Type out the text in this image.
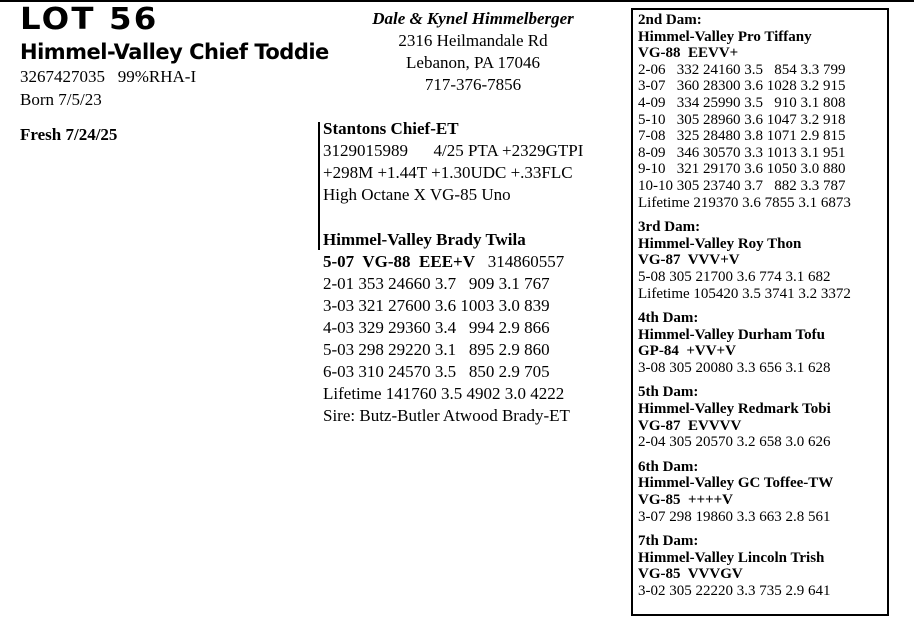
LOT 56
Himmel-Valley Chief Toddie
3267427035   99%RHA-I
Born 7/5/23
Fresh 7/24/25
Dale & Kynel Himmelberger
2316 Heilmandale Rd
Lebanon, PA 17046
717-376-7856
Stantons Chief-ET
3129015989      4/25 PTA +2329GTPI
+298M +1.44T +1.30UDC +.33FLC
High Octane X VG-85 Uno
Himmel-Valley Brady Twila
5-07  VG-88  EEE+V   314860557
2-01 353 24660 3.7   909 3.1 767
3-03 321 27600 3.6 1003 3.0 839
4-03 329 29360 3.4   994 2.9 866
5-03 298 29220 3.1   895 2.9 860
6-03 310 24570 3.5   850 2.9 705
Lifetime 141760 3.5 4902 3.0 4222
Sire: Butz-Butler Atwood Brady-ET
2nd Dam:
Himmel-Valley Pro Tiffany
VG-88  EEVV+
2-06   332 24160 3.5   854 3.3 799
3-07   360 28300 3.6 1028 3.2 915
4-09   334 25990 3.5   910 3.1 808
5-10   305 28960 3.6 1047 3.2 918
7-08   325 28480 3.8 1071 2.9 815
8-09   346 30570 3.3 1013 3.1 951
9-10   321 29170 3.6 1050 3.0 880
10-10 305 23740 3.7   882 3.3 787
Lifetime 219370 3.6 7855 3.1 6873
3rd Dam:
Himmel-Valley Roy Thon
VG-87  VVV+V
5-08 305 21700 3.6 774 3.1 682
Lifetime 105420 3.5 3741 3.2 3372
4th Dam:
Himmel-Valley Durham Tofu
GP-84  +VV+V
3-08 305 20080 3.3 656 3.1 628
5th Dam:
Himmel-Valley Redmark Tobi
VG-87  EVVVV
2-04 305 20570 3.2 658 3.0 626
6th Dam:
Himmel-Valley GC Toffee-TW
VG-85  ++++V
3-07 298 19860 3.3 663 2.8 561
7th Dam:
Himmel-Valley Lincoln Trish
VG-85  VVVGV
3-02 305 22220 3.3 735 2.9 641
